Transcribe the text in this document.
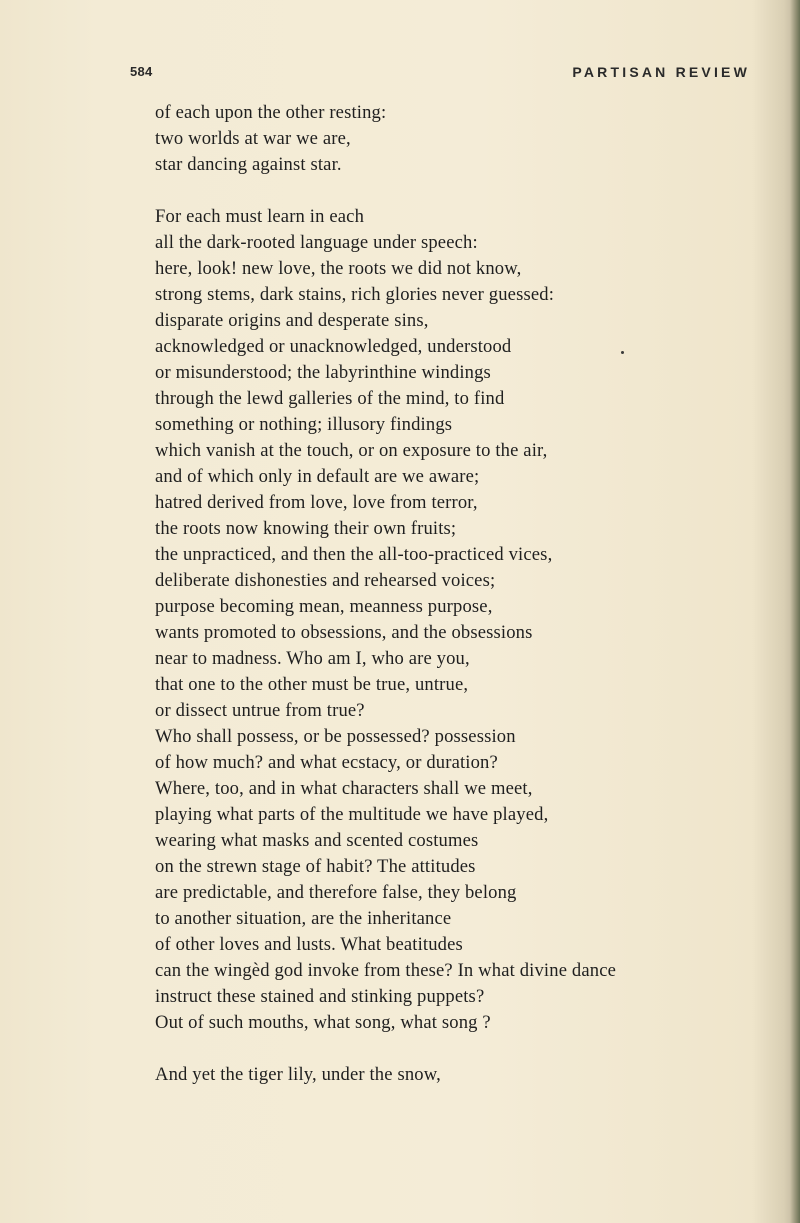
584	PARTISAN REVIEW
of each upon the other resting:
two worlds at war we are,
star dancing against star.
For each must learn in each
all the dark-rooted language under speech:
here, look! new love, the roots we did not know,
strong stems, dark stains, rich glories never guessed:
disparate origins and desperate sins,
acknowledged or unacknowledged, understood
or misunderstood; the labyrinthine windings
through the lewd galleries of the mind, to find
something or nothing; illusory findings
which vanish at the touch, or on exposure to the air,
and of which only in default are we aware;
hatred derived from love, love from terror,
the roots now knowing their own fruits;
the unpracticed, and then the all-too-practiced vices,
deliberate dishonesties and rehearsed voices;
purpose becoming mean, meanness purpose,
wants promoted to obsessions, and the obsessions
near to madness. Who am I, who are you,
that one to the other must be true, untrue,
or dissect untrue from true?
Who shall possess, or be possessed? possession
of how much? and what ecstacy, or duration?
Where, too, and in what characters shall we meet,
playing what parts of the multitude we have played,
wearing what masks and scented costumes
on the strewn stage of habit? The attitudes
are predictable, and therefore false, they belong
to another situation, are the inheritance
of other loves and lusts. What beatitudes
can the wingèd god invoke from these? In what divine dance
instruct these stained and stinking puppets?
Out of such mouths, what song, what song ?
And yet the tiger lily, under the snow,
